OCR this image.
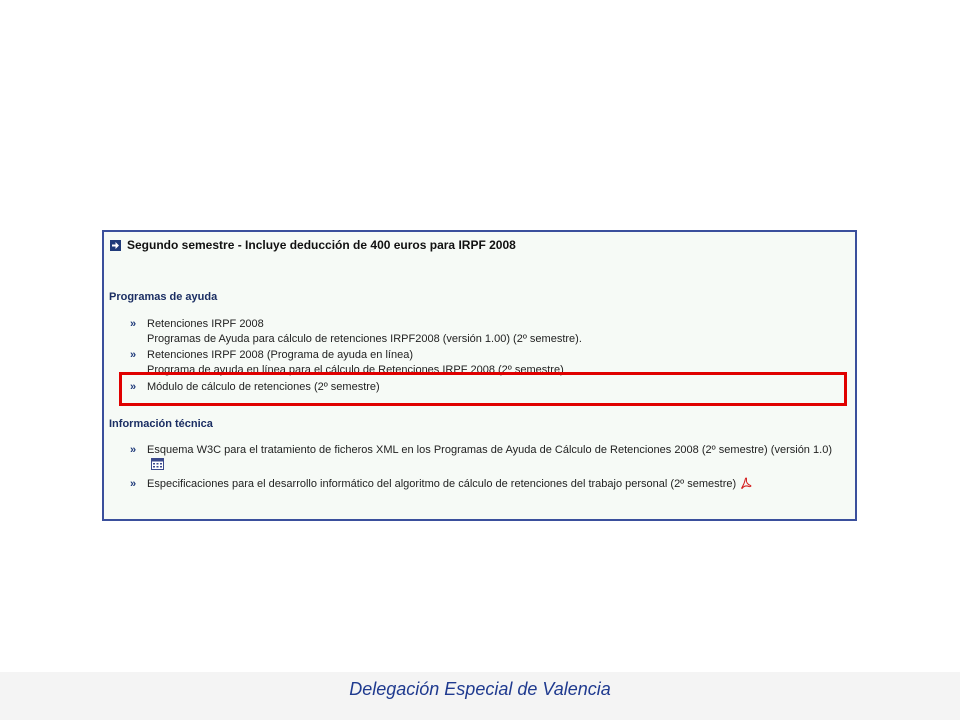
Segundo semestre - Incluye deducción de 400 euros para IRPF 2008
Programas de ayuda
» Retenciones IRPF 2008
Programas de Ayuda para cálculo de retenciones IRPF2008 (versión 1.00) (2º semestre).
» Retenciones IRPF 2008 (Programa de ayuda en línea)
Programa de ayuda en línea para el cálculo de Retenciones IRPF 2008 (2º semestre)
» Módulo de cálculo de retenciones (2º semestre)
Información técnica
» Esquema W3C para el tratamiento de ficheros XML en los Programas de Ayuda de Cálculo de Retenciones 2008 (2º semestre) (versión 1.0)
» Especificaciones para el desarrollo informático del algoritmo de cálculo de retenciones del trabajo personal (2º semestre)
Delegación Especial de Valencia
